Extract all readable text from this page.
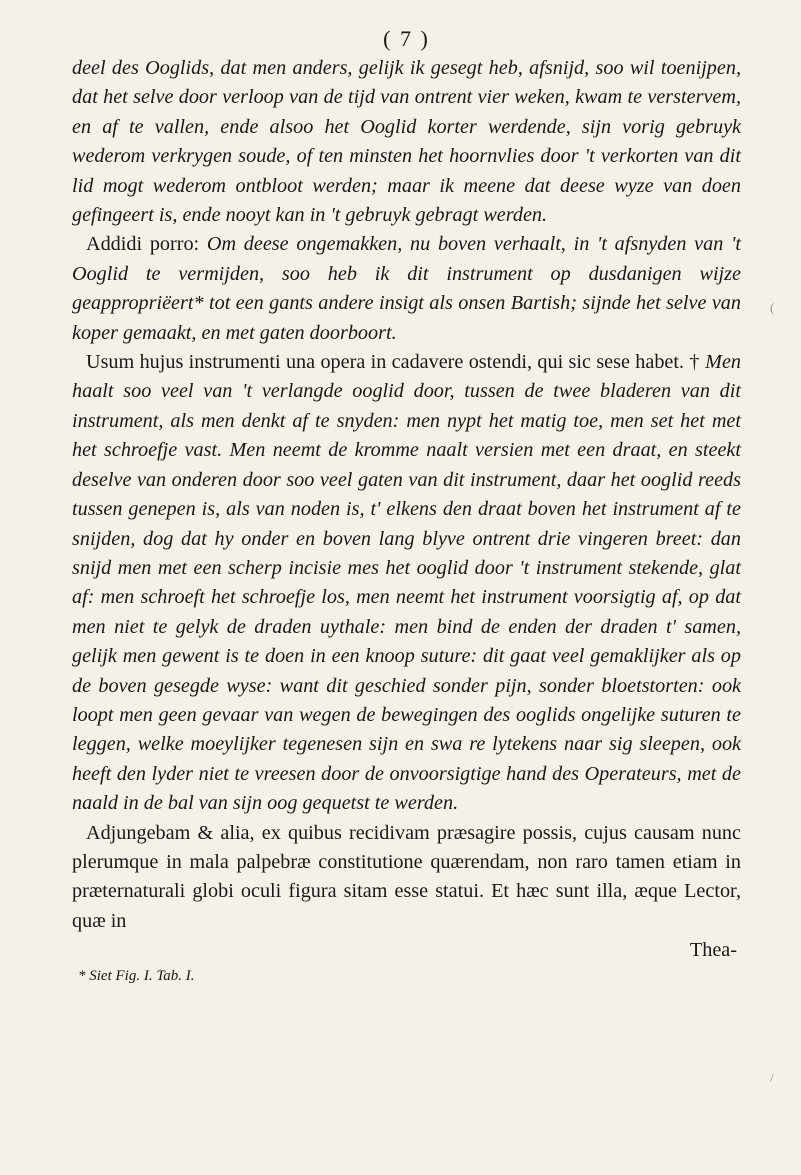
( 7 )

deel des Ooglids, dat men anders, gelijk ik gesegt heb, afsnijd, soo wil toenijpen, dat het selve door verloop van de tijd van ontrent vier weken, kwam te verstervem, en af te vallen, ende alsoo het Ooglid korter werdende, sijn vorig gebruyk wederom verkrygen soude, of ten minsten het hoornvlies door 't verkorten van dit lid mogt wederom ontbloot werden; maar ik meene dat deese wyze van doen gefingeert is, ende nooyt kan in 't gebruyk gebragt werden.

Addidi porro: Om deese ongemakken, nu boven verhaalt, in 't afsnyden van 't Ooglid te vermijden, soo heb ik dit instrument op dusdanigen wijze geappropriëert* tot een gants andere insigt als onsen Bartish; sijnde het selve van koper gemaakt, en met gaten doorboort.

Usum hujus instrumenti una opera in cadavere ostendi, qui sic sese habet. † Men haalt soo veel van 't verlangde ooglid door, tussen de twee bladeren van dit instrument, als men denkt af te snyden: men nypt het matig toe, men set het met het schroefje vast. Men neemt de kromme naalt versien met een draat, en steekt deselve van onderen door soo veel gaten van dit instrument, daar het ooglid reeds tussen genepen is, als van noden is, t' elkens den draat boven het instrument af te snijden, dog dat hy onder en boven lang blyve ontrent drie vingeren breet: dan snijd men met een scherp incisie mes het ooglid door 't instrument stekende, glat af: men schroeft het schroefje los, men neemt het instrument voorsigtig af, op dat men niet te gelyk de draden uythale: men bind de enden der draden t' samen, gelijk men gewent is te doen in een knoop suture: dit gaat veel gemaklijker als op de boven gesegde wyse: want dit geschied sonder pijn, sonder bloetstorten: ook loopt men geen gevaar van wegen de bewegingen des ooglids ongelijke suturen te leggen, welke moeylijker tegenesen sijn en swa re lytekens naar sig sleepen, ook heeft den lyder niet te vreesen door de onvoorsigtige hand des Operateurs, met de naald in de bal van sijn oog gequetst te werden.

Adjungebam & alia, ex quibus recidivam præsagire possis, cujus causam nunc plerumque in mala palpebræ constitutione quærendam, non raro tamen etiam in præternaturali globi oculi figura sitam esse statui. Et hæc sunt illa, æque Lector, quæ in

Thea-
* Siet Fig. I. Tab. I.
(
/
